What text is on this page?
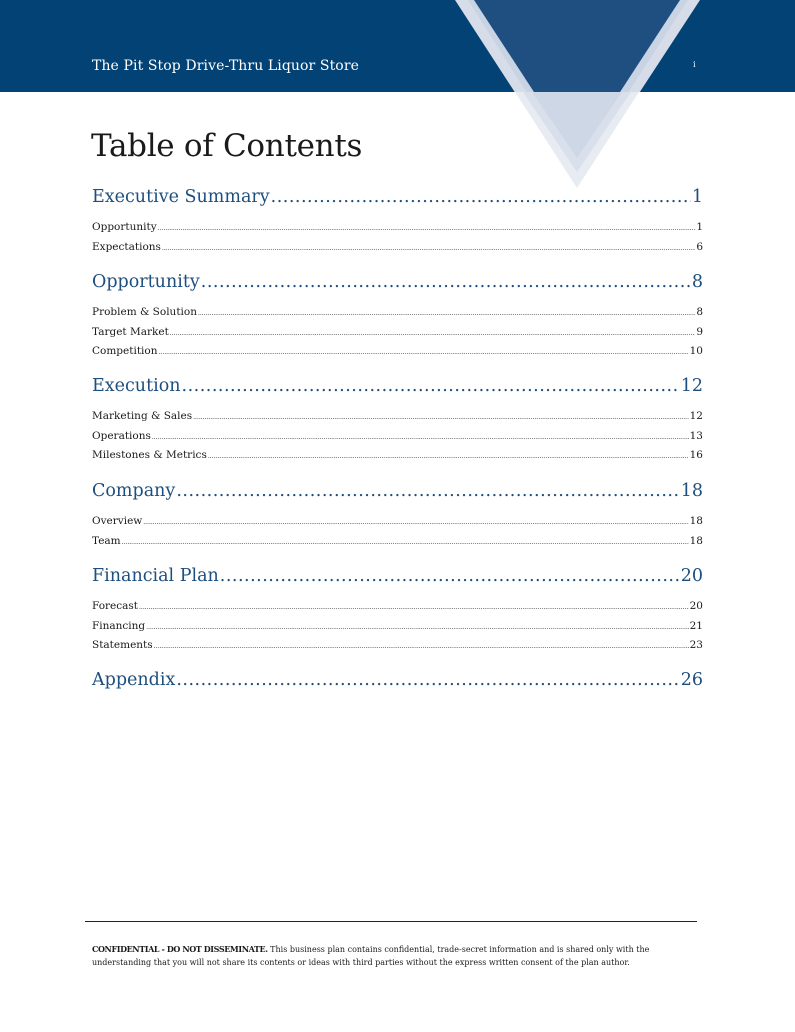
The Pit Stop Drive-Thru Liquor Store	i
Table of Contents
Executive Summary .....	1
Opportunity .....	1
Expectations .....	6
Opportunity .....	8
Problem & Solution .....	8
Target Market .....	9
Competition .....	10
Execution .....	12
Marketing & Sales .....	12
Operations .....	13
Milestones & Metrics .....	16
Company .....	18
Overview .....	18
Team .....	18
Financial Plan .....	20
Forecast .....	20
Financing .....	21
Statements .....	23
Appendix .....	26
CONFIDENTIAL - DO NOT DISSEMINATE. This business plan contains confidential, trade-secret information and is shared only with the understanding that you will not share its contents or ideas with third parties without the express written consent of the plan author.
